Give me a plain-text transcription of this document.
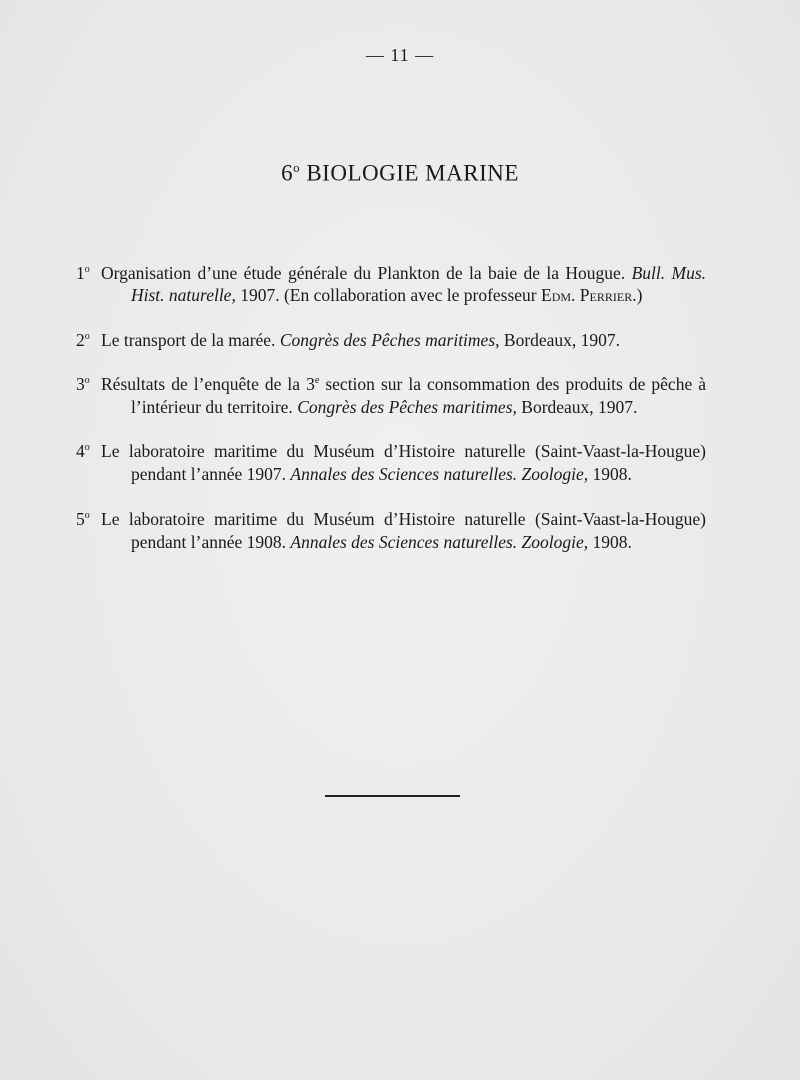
— 11 —
6$^o$ BIOLOGIE MARINE

1$^o$ Organisation d’une étude générale du Plankton de la baie de la Hougue. Bull. Mus. Hist. naturelle, 1907. (En collaboration avec le professeur Edm. Perrier.)

2$^o$ Le transport de la marée. Congrès des Pêches maritimes, Bordeaux, 1907.

3$^o$ Résultats de l’enquête de la 3e section sur la consommation des produits de pêche à l’intérieur du territoire. Congrès des Pêches maritimes, Bordeaux, 1907.

4$^o$ Le laboratoire maritime du Muséum d’Histoire naturelle (Saint-Vaast-la-Hougue) pendant l’année 1907. Annales des Sciences naturelles. Zoologie, 1908.

5$^o$ Le laboratoire maritime du Muséum d’Histoire naturelle (Saint-Vaast-la-Hougue) pendant l’année 1908. Annales des Sciences naturelles. Zoologie, 1908.
